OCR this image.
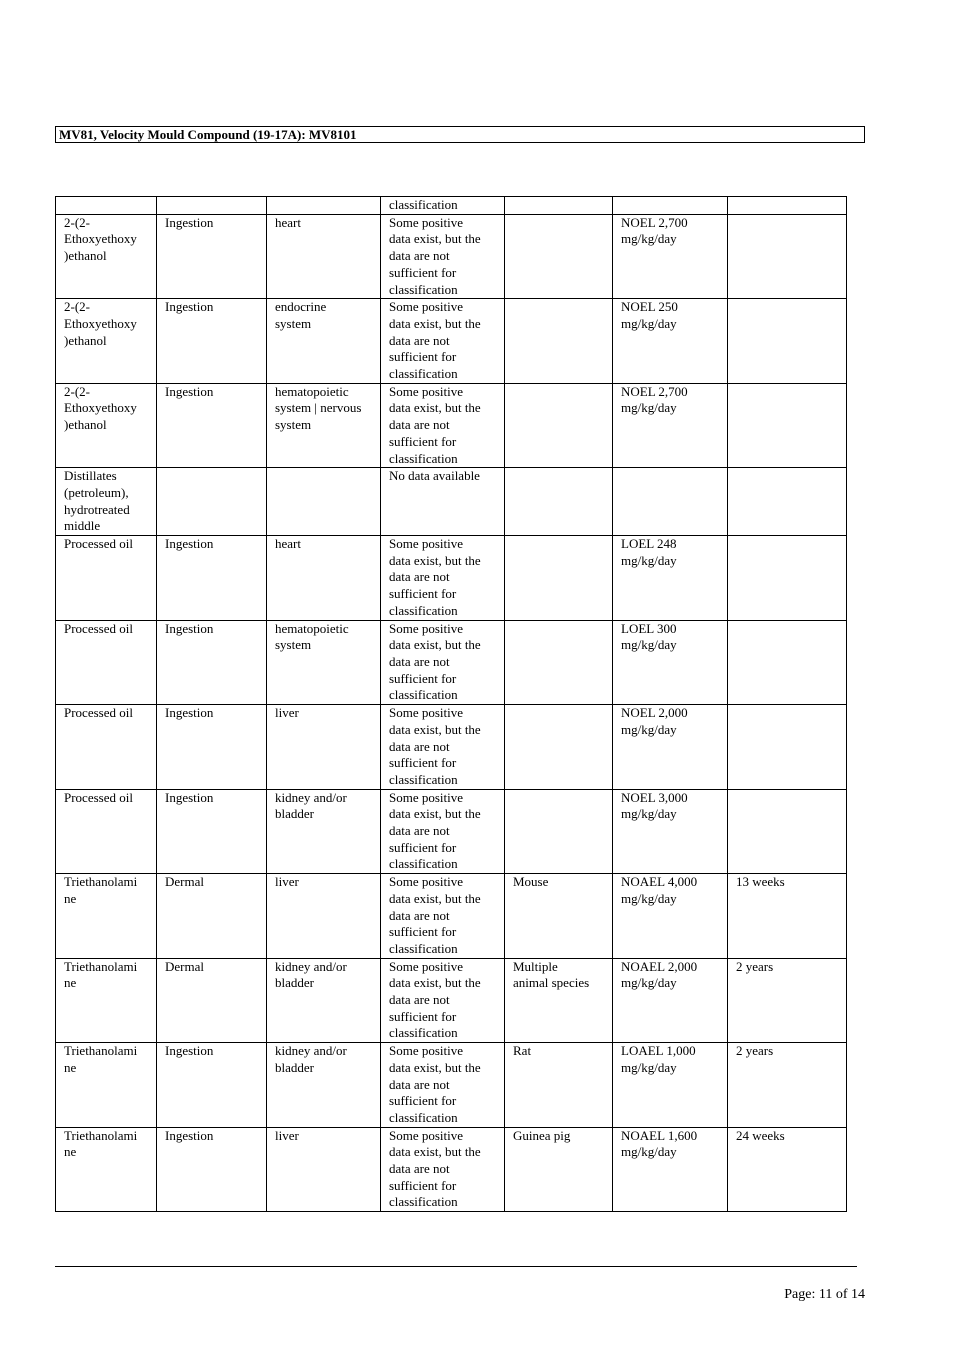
MV81, Velocity Mould Compound (19-17A): MV8101
			classification			
2-(2-
Ethoxyethoxy
)ethanol	Ingestion	heart	Some positive
data exist, but the
data are not
sufficient for
classification		NOEL 2,700
mg/kg/day	
2-(2-
Ethoxyethoxy
)ethanol	Ingestion	endocrine
system	Some positive
data exist, but the
data are not
sufficient for
classification		NOEL 250
mg/kg/day	
2-(2-
Ethoxyethoxy
)ethanol	Ingestion	hematopoietic
system | nervous
system	Some positive
data exist, but the
data are not
sufficient for
classification		NOEL 2,700
mg/kg/day	
Distillates
(petroleum),
hydrotreated
middle			No data available			
Processed oil	Ingestion	heart	Some positive
data exist, but the
data are not
sufficient for
classification		LOEL 248
mg/kg/day	
Processed oil	Ingestion	hematopoietic
system	Some positive
data exist, but the
data are not
sufficient for
classification		LOEL 300
mg/kg/day	
Processed oil	Ingestion	liver	Some positive
data exist, but the
data are not
sufficient for
classification		NOEL 2,000
mg/kg/day	
Processed oil	Ingestion	kidney and/or
bladder	Some positive
data exist, but the
data are not
sufficient for
classification		NOEL 3,000
mg/kg/day	
Triethanolami
ne	Dermal	liver	Some positive
data exist, but the
data are not
sufficient for
classification	Mouse	NOAEL 4,000
mg/kg/day	13 weeks
Triethanolami
ne	Dermal	kidney and/or
bladder	Some positive
data exist, but the
data are not
sufficient for
classification	Multiple
animal species	NOAEL 2,000
mg/kg/day	2 years
Triethanolami
ne	Ingestion	kidney and/or
bladder	Some positive
data exist, but the
data are not
sufficient for
classification	Rat	LOAEL 1,000
mg/kg/day	2 years
Triethanolami
ne	Ingestion	liver	Some positive
data exist, but the
data are not
sufficient for
classification	Guinea pig	NOAEL 1,600
mg/kg/day	24 weeks
Page: 11 of 14
